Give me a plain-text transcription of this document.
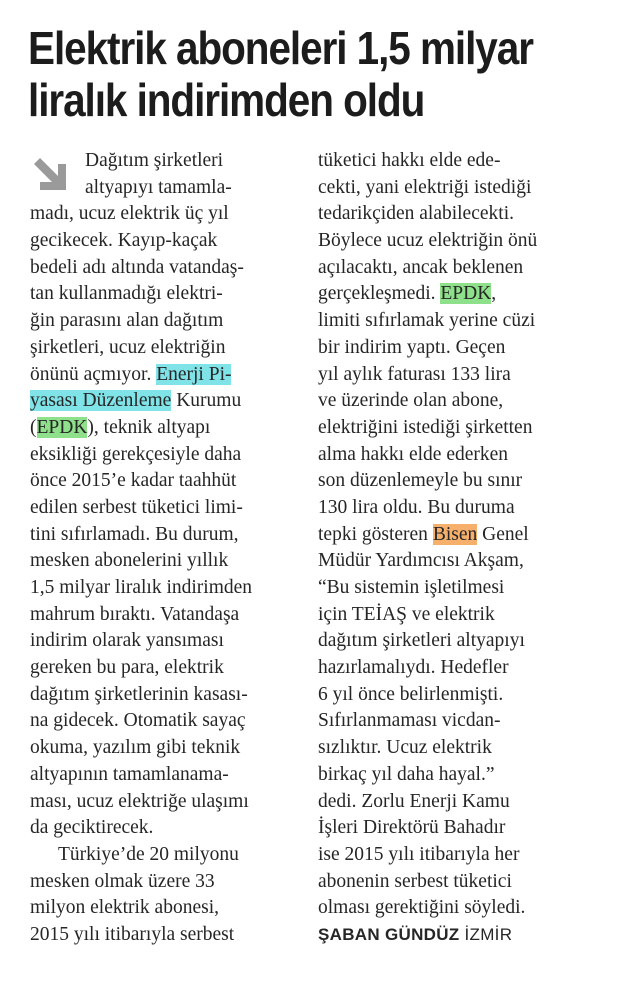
Elektrik aboneleri 1,5 milyar
liralık indirimden oldu
Dağıtım şirketleri
altyapıyı tamamla-
madı, ucuz elektrik üç yıl
gecikecek. Kayıp-kaçak
bedeli adı altında vatandaş-
tan kullanmadığı elektri-
ğin parasını alan dağıtım
şirketleri, ucuz elektriğin
önünü açmıyor. Enerji Pi-
yasası Düzenleme Kurumu
(EPDK), teknik altyapı
eksikliği gerekçesiyle daha
önce 2015’e kadar taahhüt
edilen serbest tüketici limi-
tini sıfırlamadı. Bu durum,
mesken abonelerini yıllık
1,5 milyar liralık indirimden
mahrum bıraktı. Vatandaşa
indirim olarak yansıması
gereken bu para, elektrik
dağıtım şirketlerinin kasası-
na gidecek. Otomatik sayaç
okuma, yazılım gibi teknik
altyapının tamamlanama-
ması, ucuz elektriğe ulaşımı
da geciktirecek.
Türkiye’de 20 milyonu
mesken olmak üzere 33
milyon elektrik abonesi,
2015 yılı itibarıyla serbest
tüketici hakkı elde ede-
cekti, yani elektriği istediği
tedarikçiden alabilecekti.
Böylece ucuz elektriğin önü
açılacaktı, ancak beklenen
gerçekleşmedi. EPDK,
limiti sıfırlamak yerine cüzi
bir indirim yaptı. Geçen
yıl aylık faturası 133 lira
ve üzerinde olan abone,
elektriğini istediği şirketten
alma hakkı elde ederken
son düzenlemeyle bu sınır
130 lira oldu. Bu duruma
tepki gösteren Bisen Genel
Müdür Yardımcısı Akşam,
“Bu sistemin işletilmesi
için TEİAŞ ve elektrik
dağıtım şirketleri altyapıyı
hazırlamalıydı. Hedefler
6 yıl önce belirlenmişti.
Sıfırlanmaması vicdan-
sızlıktır. Ucuz elektrik
birkaç yıl daha hayal.”
dedi. Zorlu Enerji Kamu
İşleri Direktörü Bahadır
ise 2015 yılı itibarıyla her
abonenin serbest tüketici
olması gerektiğini söyledi.
ŞABAN GÜNDÜZ İZMİR
